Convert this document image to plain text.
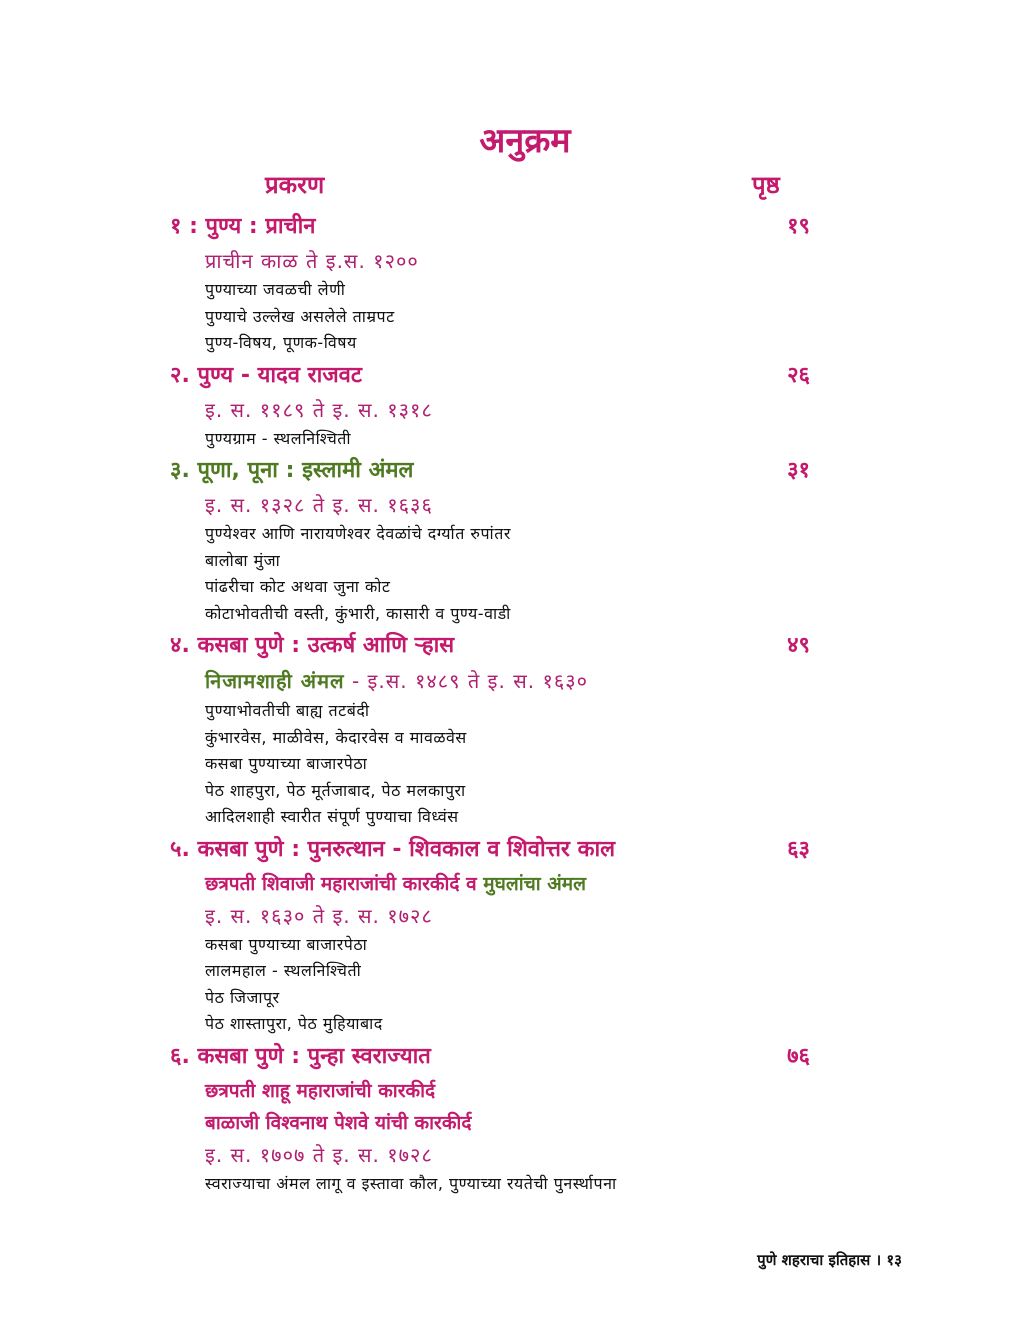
अनुक्रम
प्रकरण	पृष्ठ
१ : पुण्य : प्राचीन	१९
प्राचीन काळ ते इ.स. १२००
पुण्याच्या जवळची लेणी
पुण्याचे उल्लेख असलेले ताम्रपट
पुण्य-विषय, पूणक-विषय
२. पुण्य - यादव राजवट	२६
इ. स. ११८९ ते इ. स. १३१८
पुण्यग्राम - स्थलनिश्चिती
३. पूणा, पूना : इस्लामी अंमल	३१
इ. स. १३२८ ते इ. स. १६३६
पुण्येश्वर आणि नारायणेश्वर देवळांचे दर्ग्यात रुपांतर
बालोबा मुंजा
पांढरीचा कोट अथवा जुना कोट
कोटाभोवतीची वस्ती, कुंभारी, कासारी व पुण्य-वाडी
४. कसबा पुणे : उत्कर्ष आणि ऱ्हास	४९
निजामशाही अंमल - इ.स. १४८९ ते इ. स. १६३०
पुण्याभोवतीची बाह्य तटबंदी
कुंभारवेस, माळीवेस, केदारवेस व मावळवेस
कसबा पुण्याच्या बाजारपेठा
पेठ शाहपुरा, पेठ मूर्तजाबाद, पेठ मलकापुरा
आदिलशाही स्वारीत संपूर्ण पुण्याचा विध्वंस
५. कसबा पुणे : पुनरुत्थान - शिवकाल व शिवोत्तर काल	६३
छत्रपती शिवाजी महाराजांची कारकीर्द व मुघलांचा अंमल
इ. स. १६३० ते इ. स. १७२८
कसबा पुण्याच्या बाजारपेठा
लालमहाल - स्थलनिश्चिती
पेठ जिजापूर
पेठ शास्तापुरा, पेठ मुहियाबाद
६. कसबा पुणे : पुन्हा स्वराज्यात	७६
छत्रपती शाहू महाराजांची कारकीर्द
बाळाजी विश्वनाथ पेशवे यांची कारकीर्द
इ. स. १७०७ ते इ. स. १७२८
स्वराज्याचा अंमल लागू व इस्तावा कौल, पुण्याच्या रयतेची पुनर्स्थापना
पुणे शहराचा इतिहास । १३
